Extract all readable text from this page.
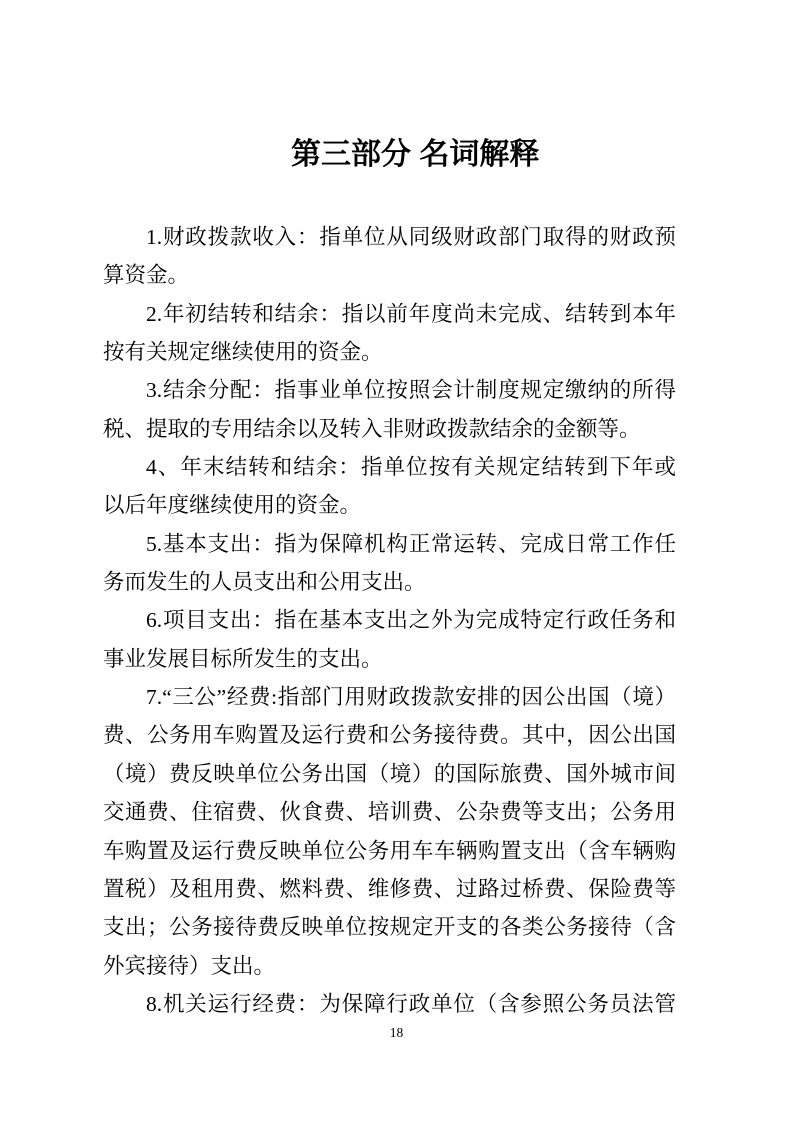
第三部分 名词解释
1.财政拨款收入：指单位从同级财政部门取得的财政预
算资金。
2.年初结转和结余：指以前年度尚未完成、结转到本年
按有关规定继续使用的资金。
3.结余分配：指事业单位按照会计制度规定缴纳的所得
税、提取的专用结余以及转入非财政拨款结余的金额等。
4、年末结转和结余：指单位按有关规定结转到下年或
以后年度继续使用的资金。
5.基本支出：指为保障机构正常运转、完成日常工作任
务而发生的人员支出和公用支出。
6.项目支出：指在基本支出之外为完成特定行政任务和
事业发展目标所发生的支出。
7.“三公”经费:指部门用财政拨款安排的因公出国（境）
费、公务用车购置及运行费和公务接待费。其中，因公出国
（境）费反映单位公务出国（境）的国际旅费、国外城市间
交通费、住宿费、伙食费、培训费、公杂费等支出；公务用
车购置及运行费反映单位公务用车车辆购置支出（含车辆购
置税）及租用费、燃料费、维修费、过路过桥费、保险费等
支出；公务接待费反映单位按规定开支的各类公务接待（含
外宾接待）支出。
8.机关运行经费：为保障行政单位（含参照公务员法管
18
